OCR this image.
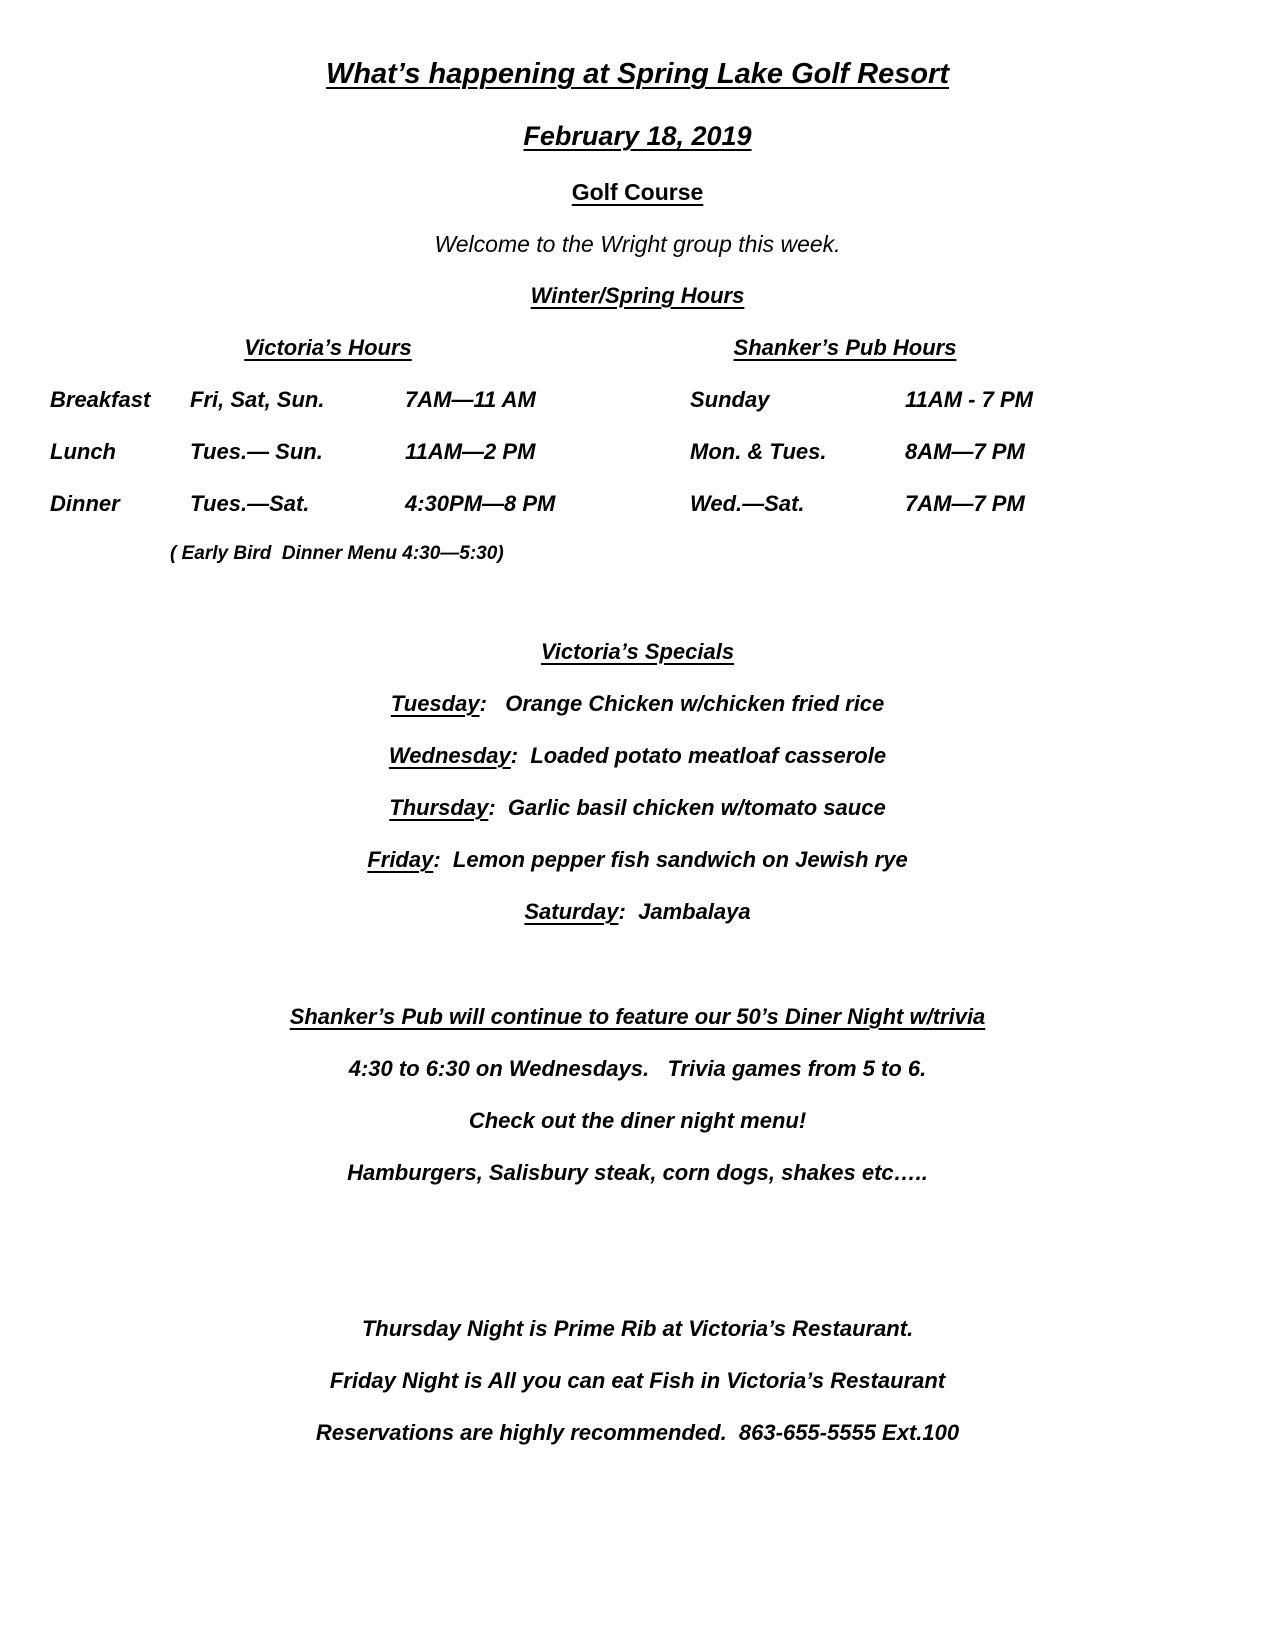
What’s happening at Spring Lake Golf Resort
February 18, 2019
Golf Course
Welcome to the Wright group this week.
Winter/Spring Hours
Victoria’s Hours	Shanker’s Pub Hours
Breakfast	Fri, Sat, Sun.	7AM—11 AM	Sunday	11AM - 7 PM
Lunch	Tues.— Sun.	11AM—2 PM	Mon. & Tues.	8AM—7 PM
Dinner	Tues.—Sat.	4:30PM—8 PM	Wed.—Sat.	7AM—7 PM
( Early Bird  Dinner Menu 4:30—5:30)
Victoria’s Specials
Tuesday:   Orange Chicken w/chicken fried rice
Wednesday:  Loaded potato meatloaf casserole
Thursday:  Garlic basil chicken w/tomato sauce
Friday:  Lemon pepper fish sandwich on Jewish rye
Saturday:  Jambalaya
Shanker’s Pub will continue to feature our 50’s Diner Night w/trivia
4:30 to 6:30 on Wednesdays.   Trivia games from 5 to 6.
Check out the diner night menu!
Hamburgers, Salisbury steak, corn dogs, shakes etc…..
Thursday Night is Prime Rib at Victoria’s Restaurant.
Friday Night is All you can eat Fish in Victoria’s Restaurant
Reservations are highly recommended.  863-655-5555 Ext.100
